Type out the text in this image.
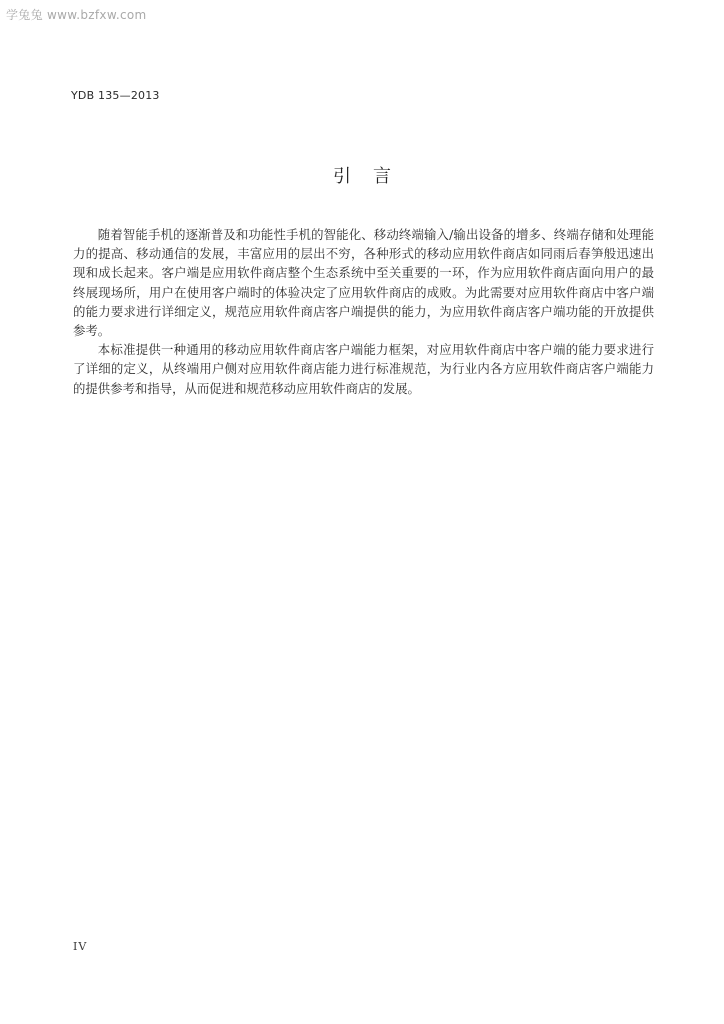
学兔兔 www.bzfxw.com
YDB 135—2013
引言

随着智能手机的逐渐普及和功能性手机的智能化、移动终端输入/输出设备的增多、终端存储和处理能力的提高、移动通信的发展，丰富应用的层出不穷，各种形式的移动应用软件商店如同雨后春笋般迅速出现和成长起来。客户端是应用软件商店整个生态系统中至关重要的一环，作为应用软件商店面向用户的最终展现场所，用户在使用客户端时的体验决定了应用软件商店的成败。为此需要对应用软件商店中客户端的能力要求进行详细定义，规范应用软件商店客户端提供的能力，为应用软件商店客户端功能的开放提供参考。

本标准提供一种通用的移动应用软件商店客户端能力框架，对应用软件商店中客户端的能力要求进行了详细的定义，从终端用户侧对应用软件商店能力进行标准规范，为行业内各方应用软件商店客户端能力的提供参考和指导，从而促进和规范移动应用软件商店的发展。

IV
